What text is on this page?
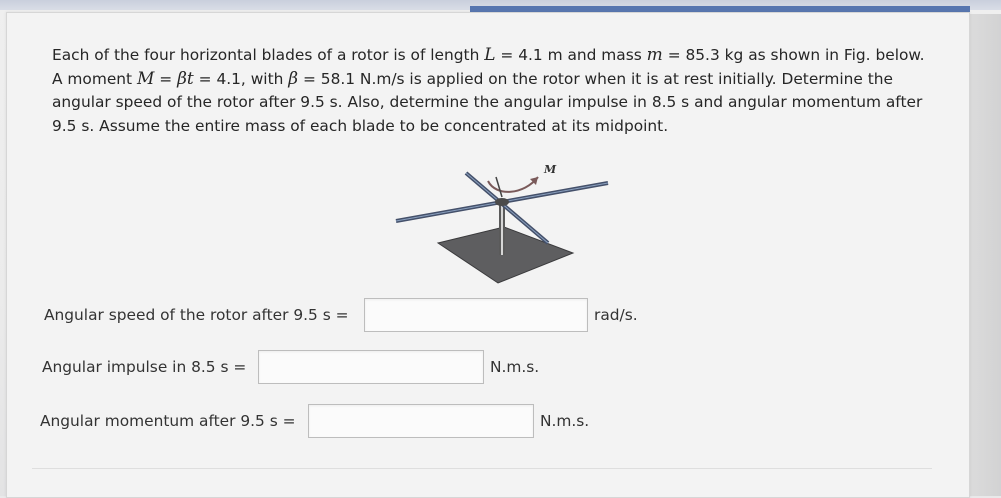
Each of the four horizontal blades of a rotor is of length L = 4.1 m and mass m = 85.3 kg as shown in Fig. below.
A moment M = βt = 4.1, with β = 58.1 N.m/s is applied on the rotor when it is at rest initially. Determine the
angular speed of the rotor after 9.5 s. Also, determine the angular impulse in 8.5 s and angular momentum after
9.5 s. Assume the entire mass of each blade to be concentrated at its midpoint.
M
Angular speed of the rotor after 9.5 s =	rad/s.
Angular impulse in 8.5 s =	N.m.s.
Angular momentum after 9.5 s =	N.m.s.
